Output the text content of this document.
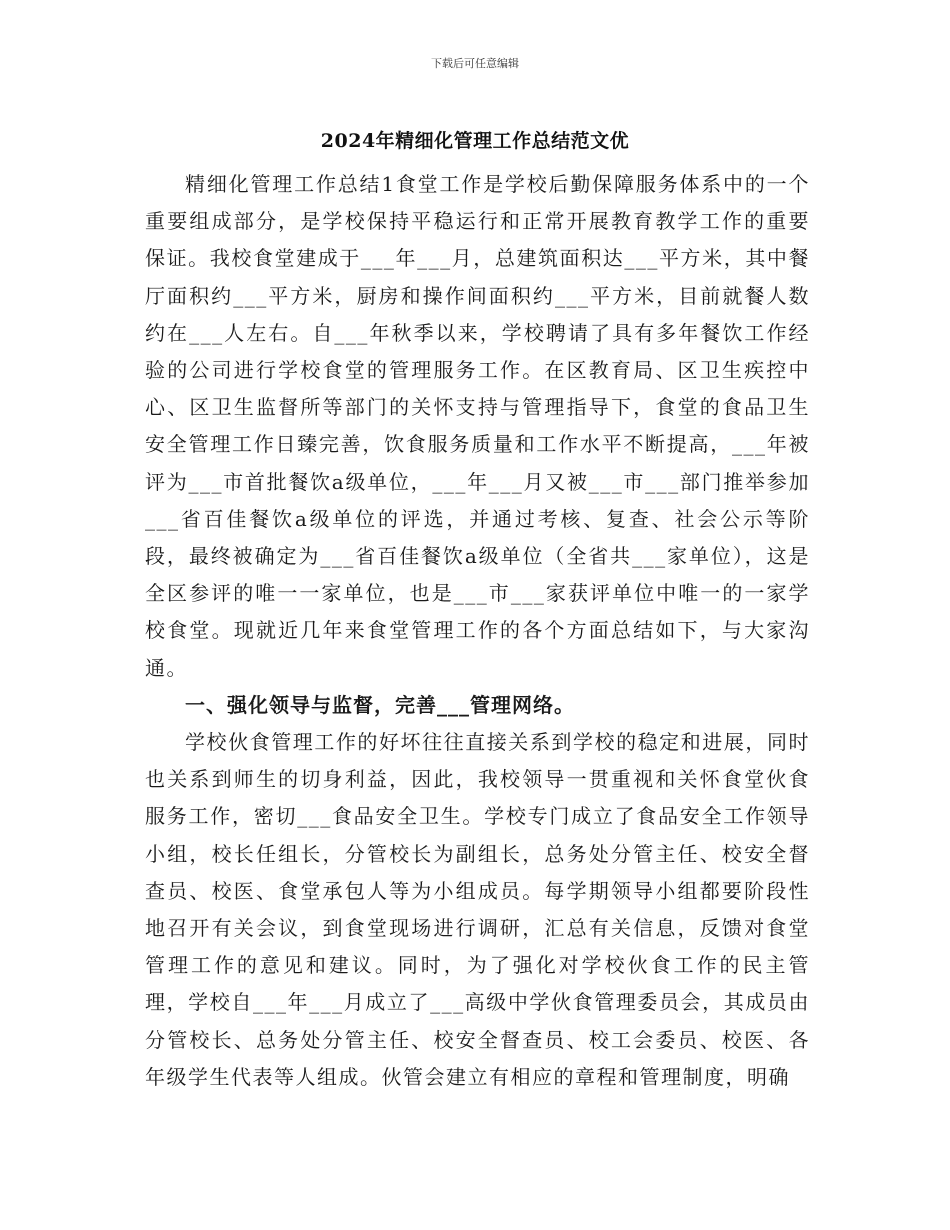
下载后可任意编辑
2024年精细化管理工作总结范文优

精细化管理工作总结1食堂工作是学校后勤保障服务体系中的一个重要组成部分，是学校保持平稳运行和正常开展教育教学工作的重要保证。我校食堂建成于___年___月，总建筑面积达___平方米，其中餐厅面积约___平方米，厨房和操作间面积约___平方米，目前就餐人数约在___人左右。自___年秋季以来，学校聘请了具有多年餐饮工作经验的公司进行学校食堂的管理服务工作。在区教育局、区卫生疾控中心、区卫生监督所等部门的关怀支持与管理指导下，食堂的食品卫生安全管理工作日臻完善，饮食服务质量和工作水平不断提高，___年被评为___市首批餐饮a级单位，___年___月又被___市___部门推举参加___省百佳餐饮a级单位的评选，并通过考核、复查、社会公示等阶段，最终被确定为___省百佳餐饮a级单位（全省共___家单位），这是全区参评的唯一一家单位，也是___市___家获评单位中唯一的一家学校食堂。现就近几年来食堂管理工作的各个方面总结如下，与大家沟通。

一、强化领导与监督，完善___管理网络。

学校伙食管理工作的好坏往往直接关系到学校的稳定和进展，同时也关系到师生的切身利益，因此，我校领导一贯重视和关怀食堂伙食服务工作，密切___食品安全卫生。学校专门成立了食品安全工作领导小组，校长任组长，分管校长为副组长，总务处分管主任、校安全督查员、校医、食堂承包人等为小组成员。每学期领导小组都要阶段性地召开有关会议，到食堂现场进行调研，汇总有关信息，反馈对食堂管理工作的意见和建议。同时，为了强化对学校伙食工作的民主管理，学校自___年___月成立了___高级中学伙食管理委员会，其成员由分管校长、总务处分管主任、校安全督查员、校工会委员、校医、各年级学生代表等人组成。伙管会建立有相应的章程和管理制度，明确
